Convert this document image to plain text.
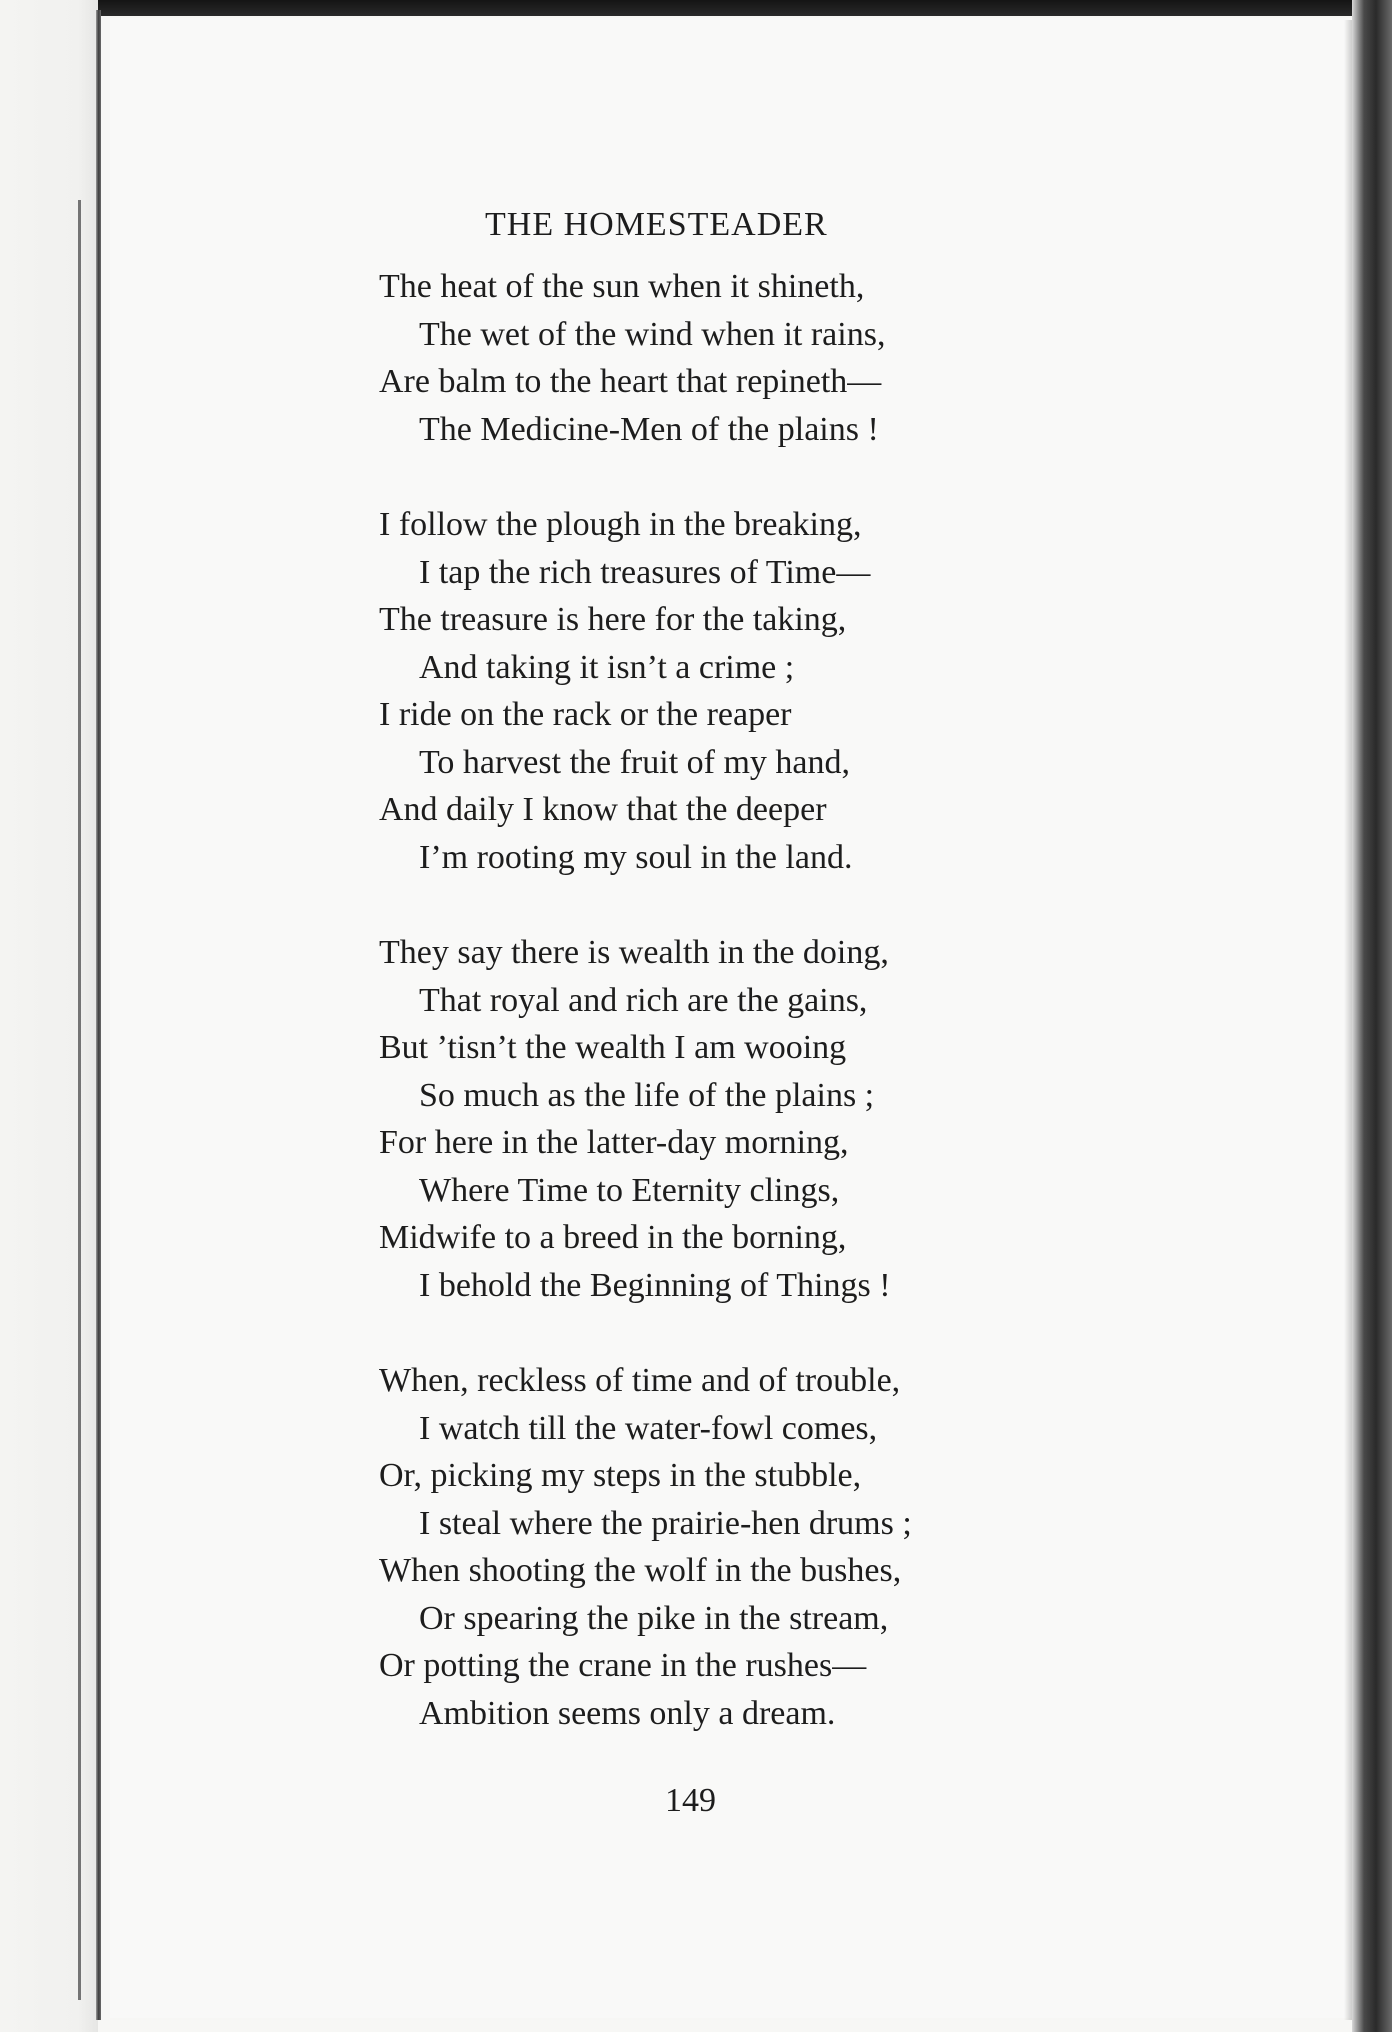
THE HOMESTEADER
The heat of the sun when it shineth,
The wet of the wind when it rains,
Are balm to the heart that repineth—
The Medicine-Men of the plains !
I follow the plough in the breaking,
I tap the rich treasures of Time—
The treasure is here for the taking,
And taking it isn’t a crime ;
I ride on the rack or the reaper
To harvest the fruit of my hand,
And daily I know that the deeper
I’m rooting my soul in the land.
They say there is wealth in the doing,
That royal and rich are the gains,
But ’tisn’t the wealth I am wooing
So much as the life of the plains ;
For here in the latter-day morning,
Where Time to Eternity clings,
Midwife to a breed in the borning,
I behold the Beginning of Things !
When, reckless of time and of trouble,
I watch till the water-fowl comes,
Or, picking my steps in the stubble,
I steal where the prairie-hen drums ;
When shooting the wolf in the bushes,
Or spearing the pike in the stream,
Or potting the crane in the rushes—
Ambition seems only a dream.
149
